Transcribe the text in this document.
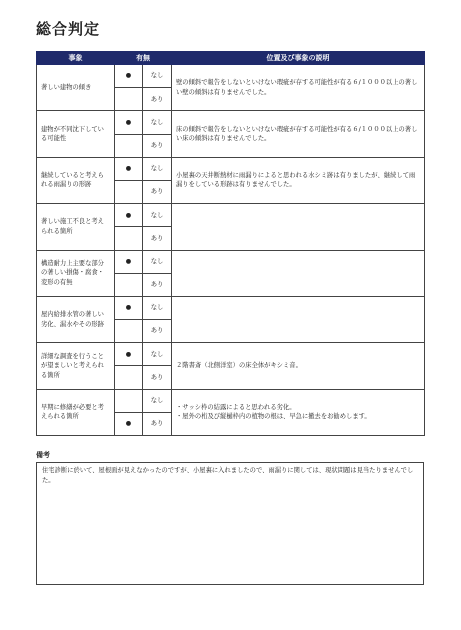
総合判定
事象	有無		位置及び事象の説明
著しい建物の傾き	●	なし	壁の傾斜で報告をしないといけない瑕疵が存する可能性が有る６/１０００以上の著しい壁の傾斜は有りませんでした。
		あり	
建物が不同沈下している可能性	●	なし	床の傾斜で報告をしないといけない瑕疵が存する可能性が有る６/１０００以上の著しい床の傾斜は有りませんでした。
		あり	
継続していると考えられる雨漏りの形跡	●	なし	小屋裏の天井断熱材に雨漏りによると思われる水シミ跡は有りましたが、継続して雨漏りをしている形跡は有りませんでした。
		あり	
著しい施工不良と考えられる箇所	●	なし	
		あり	
構造耐力上主要な部分の著しい損傷・腐食・変形の有無	●	なし	
		あり	
屋内給排水管の著しい劣化、漏水やその形跡	●	なし	
		あり	
詳細な調査を行うことが望ましいと考えられる箇所	●	なし	２階書斎（北側洋室）の床全体がキシミ音。
		あり	
早期に修繕が必要と考えられる箇所		なし	・サッシ枠の結露によると思われる劣化。
・屋外の桁及び縦樋枠内の植物の根は、早急に撤去をお勧めします。

	●	あり	
備考
住宅診断に於いて、屋根面が見えなかったのですが、小屋裏に入れましたので、雨漏りに関しては、現状問題は見当たりませんでした。
